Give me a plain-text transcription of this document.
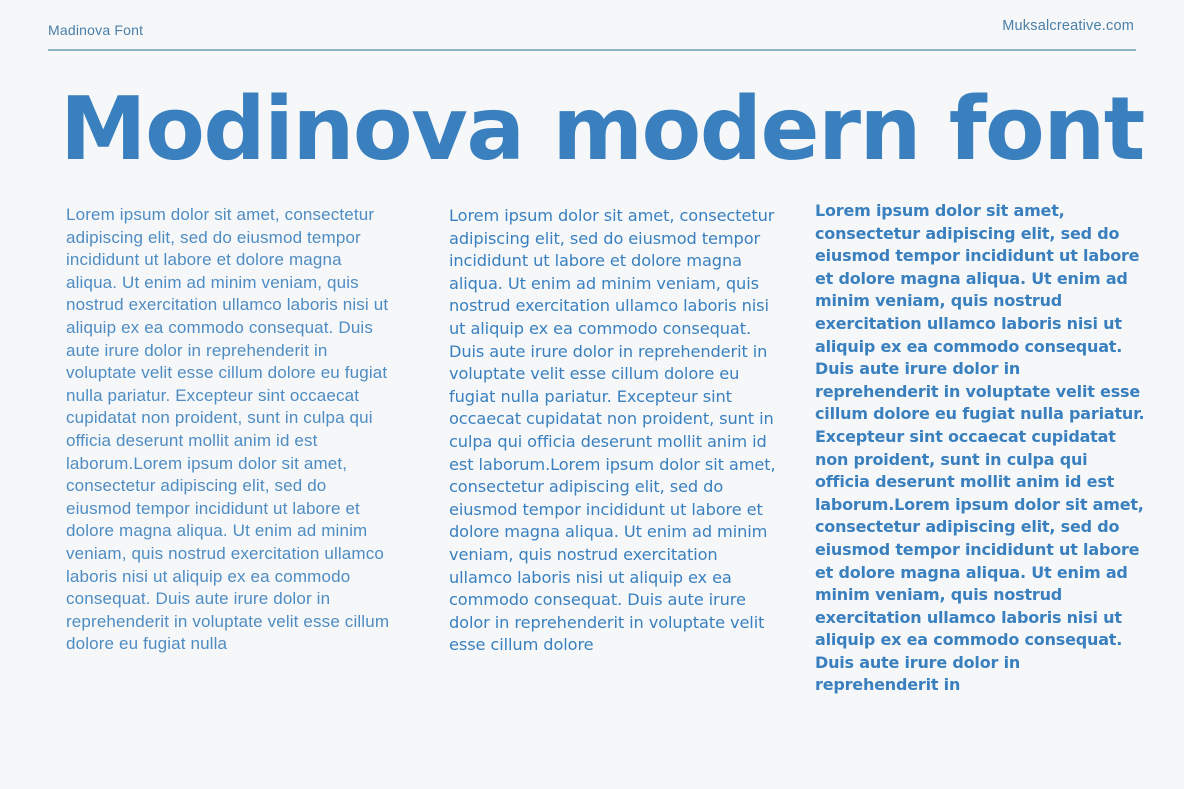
Madinova Font	Muksalcreative.com
Modinova modern font
Lorem ipsum dolor sit amet, consectetur adipiscing elit, sed do eiusmod tempor incididunt ut labore et dolore magna aliqua. Ut enim ad minim veniam, quis nostrud exercitation ullamco laboris nisi ut aliquip ex ea commodo consequat. Duis aute irure dolor in reprehenderit in voluptate velit esse cillum dolore eu fugiat nulla pariatur. Excepteur sint occaecat cupidatat non proident, sunt in culpa qui officia deserunt mollit anim id est laborum.Lorem ipsum dolor sit amet, consectetur adipiscing elit, sed do eiusmod tempor incididunt ut labore et dolore magna aliqua. Ut enim ad minim veniam, quis nostrud exercitation ullamco laboris nisi ut aliquip ex ea commodo consequat. Duis aute irure dolor in reprehenderit in voluptate velit esse cillum dolore eu fugiat nulla
Lorem ipsum dolor sit amet, consectetur adipiscing elit, sed do eiusmod tempor incididunt ut labore et dolore magna aliqua. Ut enim ad minim veniam, quis nostrud exercitation ullamco laboris nisi ut aliquip ex ea commodo consequat. Duis aute irure dolor in reprehenderit in voluptate velit esse cillum dolore eu fugiat nulla pariatur. Excepteur sint occaecat cupidatat non proident, sunt in culpa qui officia deserunt mollit anim id est laborum.Lorem ipsum dolor sit amet, consectetur adipiscing elit, sed do eiusmod tempor incididunt ut labore et dolore magna aliqua. Ut enim ad minim veniam, quis nostrud exercitation ullamco laboris nisi ut aliquip ex ea commodo consequat. Duis aute irure dolor in reprehenderit in voluptate velit esse cillum dolore
Lorem ipsum dolor sit amet, consectetur adipiscing elit, sed do eiusmod tempor incididunt ut labore et dolore magna aliqua. Ut enim ad minim veniam, quis nostrud exercitation ullamco laboris nisi ut aliquip ex ea commodo consequat. Duis aute irure dolor in reprehenderit in voluptate velit esse cillum dolore eu fugiat nulla pariatur. Excepteur sint occaecat cupidatat non proident, sunt in culpa qui officia deserunt mollit anim id est laborum.Lorem ipsum dolor sit amet, consectetur adipiscing elit, sed do eiusmod tempor incididunt ut labore et dolore magna aliqua. Ut enim ad minim veniam, quis nostrud exercitation ullamco laboris nisi ut aliquip ex ea commodo consequat. Duis aute irure dolor in reprehenderit in
